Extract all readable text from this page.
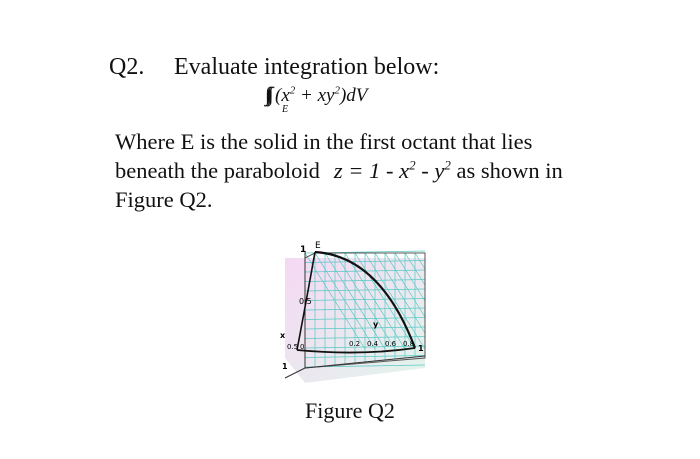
Q2. Evaluate integration below:
E
$(x^2 + xy^2)dV$
Where E is the solid in the first octant that lies beneath the paraboloid $z = 1 - x^2 - y^2$ as shown in Figure Q2.
1 E
0.5
x
y
0.2 0.4 0.6 0.8
0.5 0
1
1
Figure Q2
